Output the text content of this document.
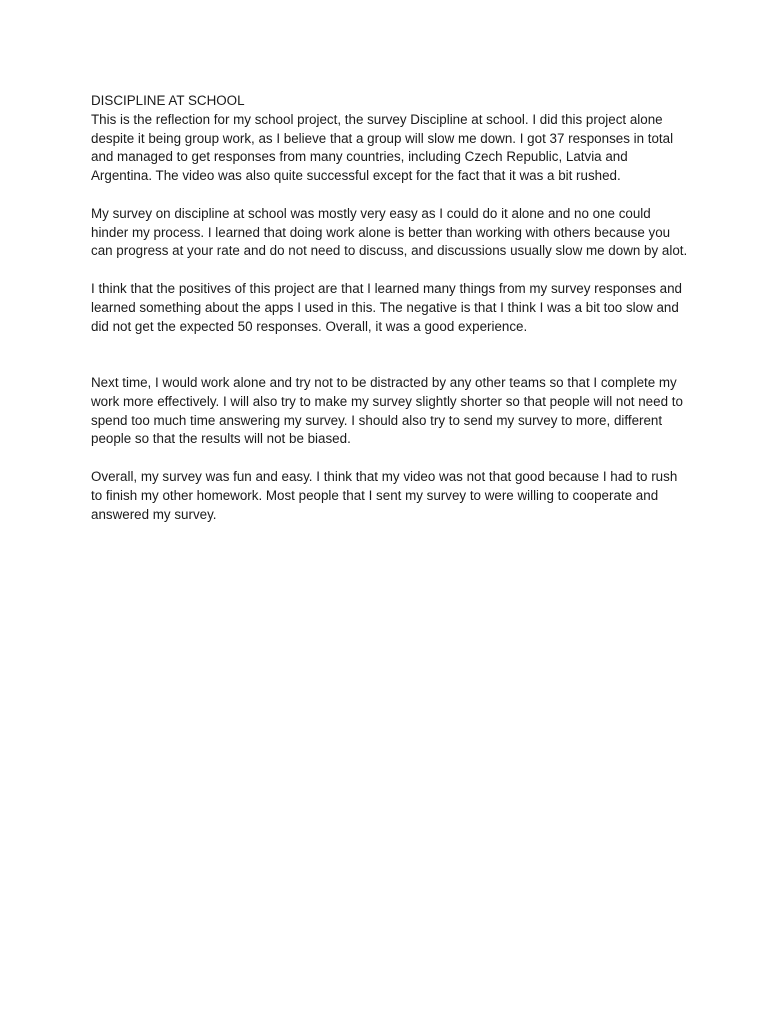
DISCIPLINE AT SCHOOL

This is the reflection for my school project, the survey Discipline at school. I did this project alone despite it being group work, as I believe that a group will slow me down. I got 37 responses in total and managed to get responses from many countries, including Czech Republic, Latvia and Argentina. The video was also quite successful except for the fact that it was a bit rushed.

My survey on discipline at school was mostly very easy as I could do it alone and no one could hinder my process. I learned that doing work alone is better than working with others because you can progress at your rate and do not need to discuss, and discussions usually slow me down by alot.

I think that the positives of this project are that I learned many things from my survey responses and learned something about the apps I used in this. The negative is that I think I was a bit too slow and did not get the expected 50 responses. Overall, it was a good experience.

Next time, I would work alone and try not to be distracted by any other teams so that I complete my work more effectively. I will also try to make my survey slightly shorter so that people will not need to spend too much time answering my survey. I should also try to send my survey to more, different people so that the results will not be biased.

Overall, my survey was fun and easy. I think that my video was not that good because I had to rush to finish my other homework. Most people that I sent my survey to were willing to cooperate and answered my survey.
